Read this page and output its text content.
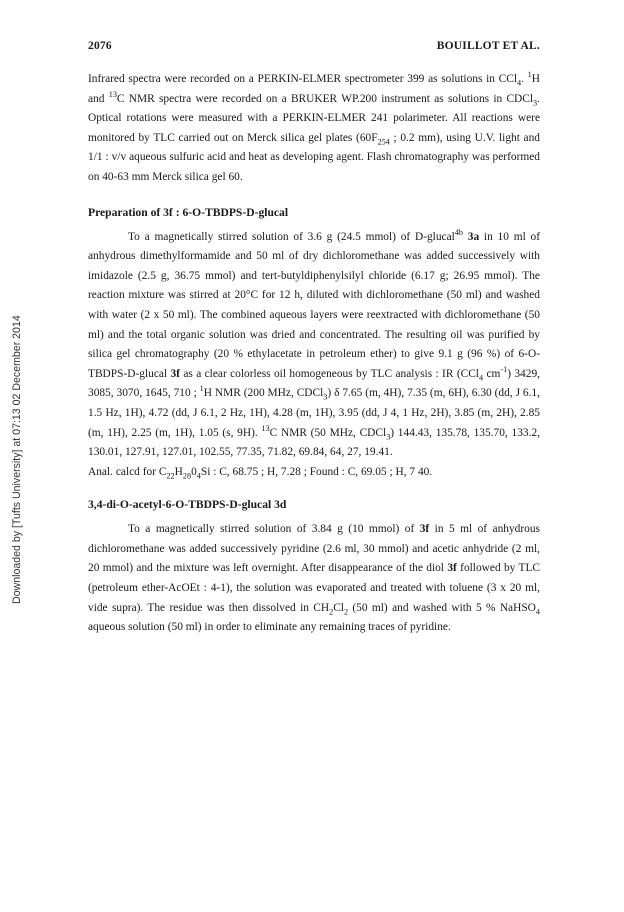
Downloaded by [Tufts University] at 07:13 02 December 2014
2076	BOUILLOT ET AL.

Infrared spectra were recorded on a PERKIN-ELMER spectrometer 399 as solutions in CCl$_4$. $^1$H and $^{13}$C NMR spectra were recorded on a BRUKER WP.200 instrument as solutions in CDCl$_3$. Optical rotations were measured with a PERKIN-ELMER 241 polarimeter. All reactions were monitored by TLC carried out on Merck silica gel plates ($60F_{254}$ ; 0.2 mm), using U.V. light and 1/1 : v/v aqueous sulfuric acid and heat as developing agent. Flash chromatography was performed on 40-63 mm Merck silica gel 60.

Preparation of 3f : 6-O-TBDPS-D-glucal

To a magnetically stirred solution of 3.6 g (24.5 mmol) of D-glucal$^{4b}$ 3a in 10 ml of anhydrous dimethylformamide and 50 ml of dry dichloromethane was added successively with imidazole (2.5 g, 36.75 mmol) and tert-butyldiphenylsilyl chloride (6.17 g; 26.95 mmol). The reaction mixture was stirred at 20°C for 12 h, diluted with dichloromethane (50 ml) and washed with water (2 x 50 ml). The combined aqueous layers were reextracted with dichloromethane (50 ml) and the total organic solution was dried and concentrated. The resulting oil was purified by silica gel chromatography (20 % ethylacetate in petroleum ether) to give 9.1 g (96 %) of 6-O-TBDPS-D-glucal 3f as a clear colorless oil homogeneous by TLC analysis : IR (CCl$_4$ $cm^{-1}$) 3429, 3085, 3070, 1645, 710 ; $^1$H NMR (200 MHz, CDCl$_3$) δ 7.65 (m, 4H), 7.35 (m, 6H), 6.30 (dd, J 6.1, 1.5 Hz, 1H), 4.72 (dd, J 6.1, 2 Hz, 1H), 4.28 (m, 1H), 3.95 (dd, J 4, 1 Hz, 2H), 3.85 (m, 2H), 2.85 (m, 1H), 2.25 (m, 1H), 1.05 (s, 9H). $^{13}$C NMR (50 MHz, CDCl$_3$) 144.43, 135.78, 135.70, 133.2, 130.01, 127.91, 127.01, 102.55, 77.35, 71.82, 69.84, 64, 27, 19.41.

Anal. calcd for $C_{22}H_{28}0_4Si$ : C, 68.75 ; H, 7.28 ; Found : C, 69.05 ; H, 7 40.

3,4-di-O-acetyl-6-O-TBDPS-D-glucal 3d

To a magnetically stirred solution of 3.84 g (10 mmol) of 3f in 5 ml of anhydrous dichloromethane was added successively pyridine (2.6 ml, 30 mmol) and acetic anhydride (2 ml, 20 mmol) and the mixture was left overnight. After disappearance of the diol 3f followed by TLC (petroleum ether-AcOEt : 4-1), the solution was evaporated and treated with toluene (3 x 20 ml, vide supra). The residue was then dissolved in $CH_2Cl_2$ (50 ml) and washed with 5 % NaHSO$_4$ aqueous solution (50 ml) in order to eliminate any remaining traces of pyridine.
